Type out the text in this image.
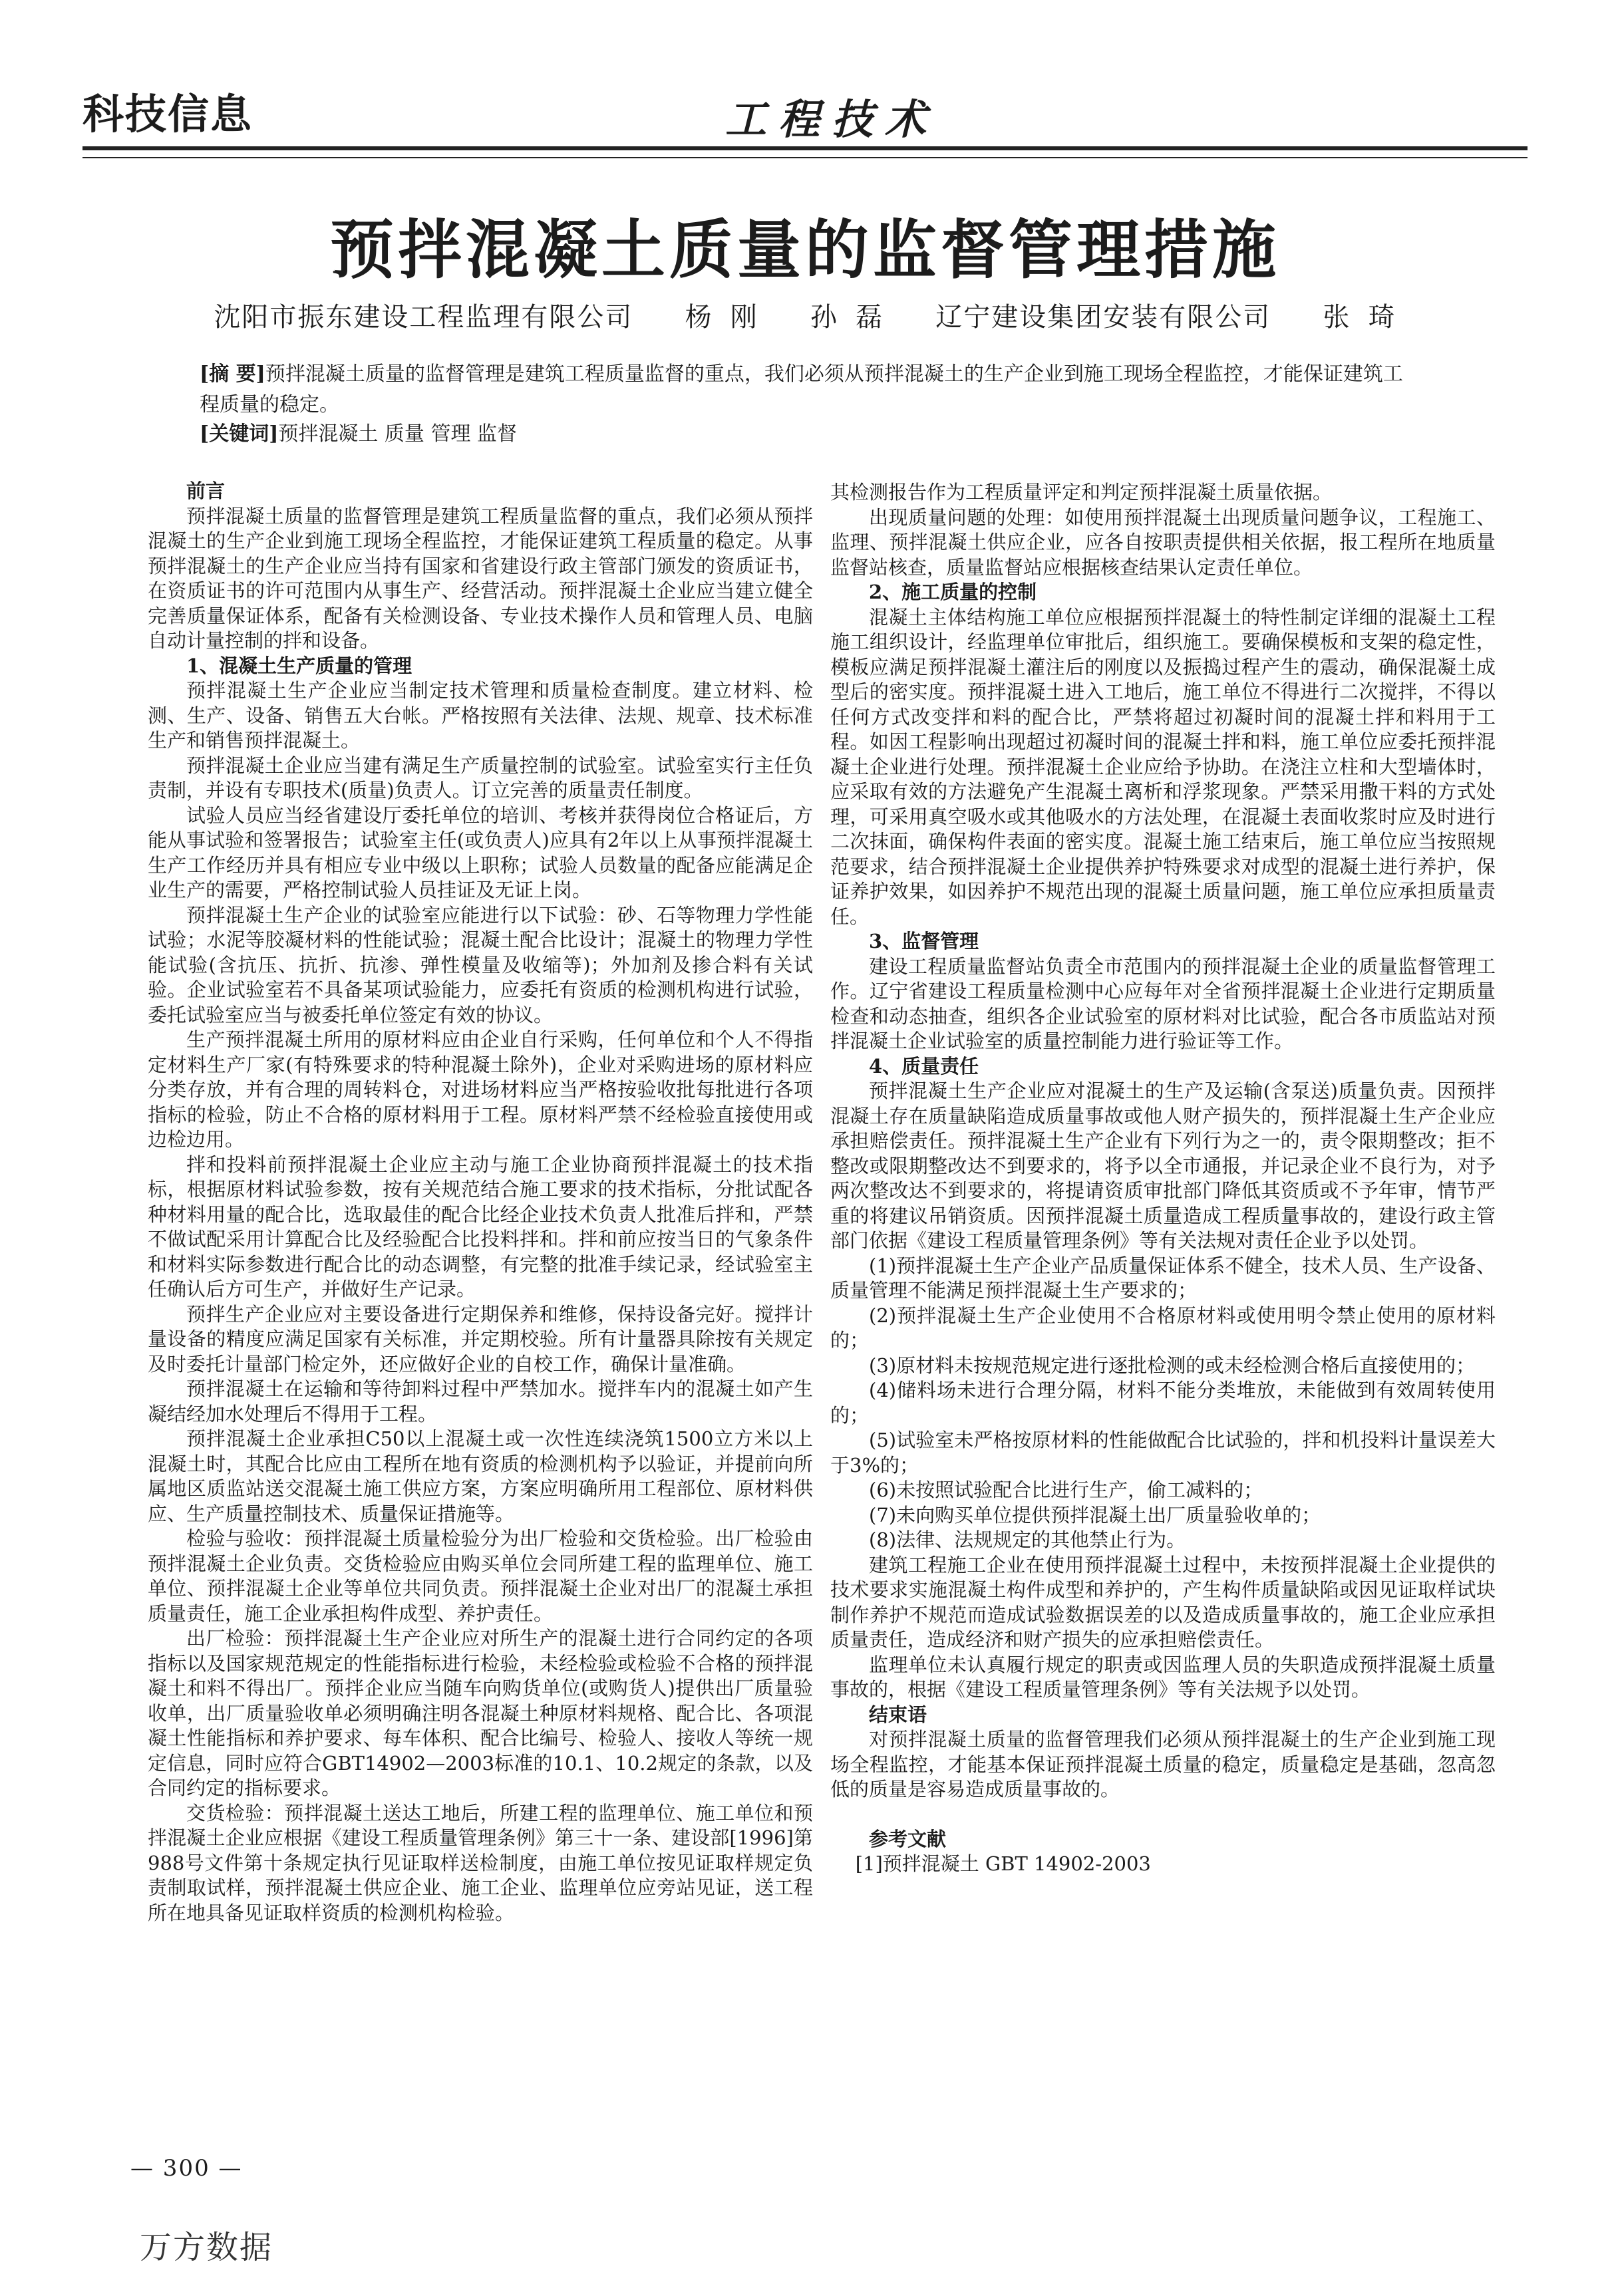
科技信息	工程技术
预拌混凝土质量的监督管理措施
沈阳市振东建设工程监理有限公司   杨 刚   孙 磊   辽宁建设集团安装有限公司   张 琦
[摘 要]预拌混凝土质量的监督管理是建筑工程质量监督的重点，我们必须从预拌混凝土的生产企业到施工现场全程监控，才能保证建筑工程质量的稳定。
[关键词]预拌混凝土 质量 管理 监督
前言

预拌混凝土质量的监督管理是建筑工程质量监督的重点，我们必须从预拌混凝土的生产企业到施工现场全程监控，才能保证建筑工程质量的稳定。从事预拌混凝土的生产企业应当持有国家和省建设行政主管部门颁发的资质证书，在资质证书的许可范围内从事生产、经营活动。预拌混凝土企业应当建立健全完善质量保证体系，配备有关检测设备、专业技术操作人员和管理人员、电脑自动计量控制的拌和设备。

1、混凝土生产质量的管理

预拌混凝土生产企业应当制定技术管理和质量检查制度。建立材料、检测、生产、设备、销售五大台帐。严格按照有关法律、法规、规章、技术标准生产和销售预拌混凝土。

预拌混凝土企业应当建有满足生产质量控制的试验室。试验室实行主任负责制，并设有专职技术(质量)负责人。订立完善的质量责任制度。

试验人员应当经省建设厅委托单位的培训、考核并获得岗位合格证后，方能从事试验和签署报告；试验室主任(或负责人)应具有2年以上从事预拌混凝土生产工作经历并具有相应专业中级以上职称；试验人员数量的配备应能满足企业生产的需要，严格控制试验人员挂证及无证上岗。

预拌混凝土生产企业的试验室应能进行以下试验：砂、石等物理力学性能试验；水泥等胶凝材料的性能试验；混凝土配合比设计；混凝土的物理力学性能试验(含抗压、抗折、抗渗、弹性模量及收缩等)；外加剂及掺合料有关试验。企业试验室若不具备某项试验能力，应委托有资质的检测机构进行试验，委托试验室应当与被委托单位签定有效的协议。

生产预拌混凝土所用的原材料应由企业自行采购，任何单位和个人不得指定材料生产厂家(有特殊要求的特种混凝土除外)，企业对采购进场的原材料应分类存放，并有合理的周转料仓，对进场材料应当严格按验收批每批进行各项指标的检验，防止不合格的原材料用于工程。原材料严禁不经检验直接使用或边检边用。

拌和投料前预拌混凝土企业应主动与施工企业协商预拌混凝土的技术指标，根据原材料试验参数，按有关规范结合施工要求的技术指标，分批试配各种材料用量的配合比，选取最佳的配合比经企业技术负责人批准后拌和，严禁不做试配采用计算配合比及经验配合比投料拌和。拌和前应按当日的气象条件和材料实际参数进行配合比的动态调整，有完整的批准手续记录，经试验室主任确认后方可生产，并做好生产记录。

预拌生产企业应对主要设备进行定期保养和维修，保持设备完好。搅拌计量设备的精度应满足国家有关标准，并定期校验。所有计量器具除按有关规定及时委托计量部门检定外，还应做好企业的自校工作，确保计量准确。

预拌混凝土在运输和等待卸料过程中严禁加水。搅拌车内的混凝土如产生凝结经加水处理后不得用于工程。

预拌混凝土企业承担C50以上混凝土或一次性连续浇筑1500立方米以上混凝土时，其配合比应由工程所在地有资质的检测机构予以验证，并提前向所属地区质监站送交混凝土施工供应方案，方案应明确所用工程部位、原材料供应、生产质量控制技术、质量保证措施等。

检验与验收：预拌混凝土质量检验分为出厂检验和交货检验。出厂检验由预拌混凝土企业负责。交货检验应由购买单位会同所建工程的监理单位、施工单位、预拌混凝土企业等单位共同负责。预拌混凝土企业对出厂的混凝土承担质量责任，施工企业承担构件成型、养护责任。

出厂检验：预拌混凝土生产企业应对所生产的混凝土进行合同约定的各项指标以及国家规范规定的性能指标进行检验，未经检验或检验不合格的预拌混凝土和料不得出厂。预拌企业应当随车向购货单位(或购货人)提供出厂质量验收单，出厂质量验收单必须明确注明各混凝土种原材料规格、配合比、各项混凝土性能指标和养护要求、每车体积、配合比编号、检验人、接收人等统一规定信息，同时应符合GBT14902—2003标准的10.1、10.2规定的条款，以及合同约定的指标要求。

交货检验：预拌混凝土送达工地后，所建工程的监理单位、施工单位和预拌混凝土企业应根据《建设工程质量管理条例》第三十一条、建设部[1996]第988号文件第十条规定执行见证取样送检制度，由施工单位按见证取样规定负责制取试样，预拌混凝土供应企业、施工企业、监理单位应旁站见证，送工程所在地具备见证取样资质的检测机构检验。

其检测报告作为工程质量评定和判定预拌混凝土质量依据。

出现质量问题的处理：如使用预拌混凝土出现质量问题争议，工程施工、监理、预拌混凝土供应企业，应各自按职责提供相关依据，报工程所在地质量监督站核查，质量监督站应根据核查结果认定责任单位。

2、施工质量的控制

混凝土主体结构施工单位应根据预拌混凝土的特性制定详细的混凝土工程施工组织设计，经监理单位审批后，组织施工。要确保模板和支架的稳定性，模板应满足预拌混凝土灌注后的刚度以及振捣过程产生的震动，确保混凝土成型后的密实度。预拌混凝土进入工地后，施工单位不得进行二次搅拌，不得以任何方式改变拌和料的配合比，严禁将超过初凝时间的混凝土拌和料用于工程。如因工程影响出现超过初凝时间的混凝土拌和料，施工单位应委托预拌混凝土企业进行处理。预拌混凝土企业应给予协助。在浇注立柱和大型墙体时，应采取有效的方法避免产生混凝土离析和浮浆现象。严禁采用撒干料的方式处理，可采用真空吸水或其他吸水的方法处理，在混凝土表面收浆时应及时进行二次抹面，确保构件表面的密实度。混凝土施工结束后，施工单位应当按照规范要求，结合预拌混凝土企业提供养护特殊要求对成型的混凝土进行养护，保证养护效果，如因养护不规范出现的混凝土质量问题，施工单位应承担质量责任。

3、监督管理

建设工程质量监督站负责全市范围内的预拌混凝土企业的质量监督管理工作。辽宁省建设工程质量检测中心应每年对全省预拌混凝土企业进行定期质量检查和动态抽查，组织各企业试验室的原材料对比试验，配合各市质监站对预拌混凝土企业试验室的质量控制能力进行验证等工作。

4、质量责任

预拌混凝土生产企业应对混凝土的生产及运输(含泵送)质量负责。因预拌混凝土存在质量缺陷造成质量事故或他人财产损失的，预拌混凝土生产企业应承担赔偿责任。预拌混凝土生产企业有下列行为之一的，责令限期整改；拒不整改或限期整改达不到要求的，将予以全市通报，并记录企业不良行为，对予两次整改达不到要求的，将提请资质审批部门降低其资质或不予年审，情节严重的将建议吊销资质。因预拌混凝土质量造成工程质量事故的，建设行政主管部门依据《建设工程质量管理条例》等有关法规对责任企业予以处罚。

(1)预拌混凝土生产企业产品质量保证体系不健全，技术人员、生产设备、质量管理不能满足预拌混凝土生产要求的；

(2)预拌混凝土生产企业使用不合格原材料或使用明令禁止使用的原材料的；

(3)原材料未按规范规定进行逐批检测的或未经检测合格后直接使用的；

(4)储料场未进行合理分隔，材料不能分类堆放，未能做到有效周转使用的；

(5)试验室未严格按原材料的性能做配合比试验的，拌和机投料计量误差大于3%的；

(6)未按照试验配合比进行生产，偷工减料的；

(7)未向购买单位提供预拌混凝土出厂质量验收单的；

(8)法律、法规规定的其他禁止行为。

建筑工程施工企业在使用预拌混凝土过程中，未按预拌混凝土企业提供的技术要求实施混凝土构件成型和养护的，产生构件质量缺陷或因见证取样试块制作养护不规范而造成试验数据误差的以及造成质量事故的，施工企业应承担质量责任，造成经济和财产损失的应承担赔偿责任。

监理单位未认真履行规定的职责或因监理人员的失职造成预拌混凝土质量事故的，根据《建设工程质量管理条例》等有关法规予以处罚。

结束语

对预拌混凝土质量的监督管理我们必须从预拌混凝土的生产企业到施工现场全程监控，才能基本保证预拌混凝土质量的稳定，质量稳定是基础，忽高忽低的质量是容易造成质量事故的。

参考文献

[1]预拌混凝土 GBT 14902-2003

— 300 —
万方数据
